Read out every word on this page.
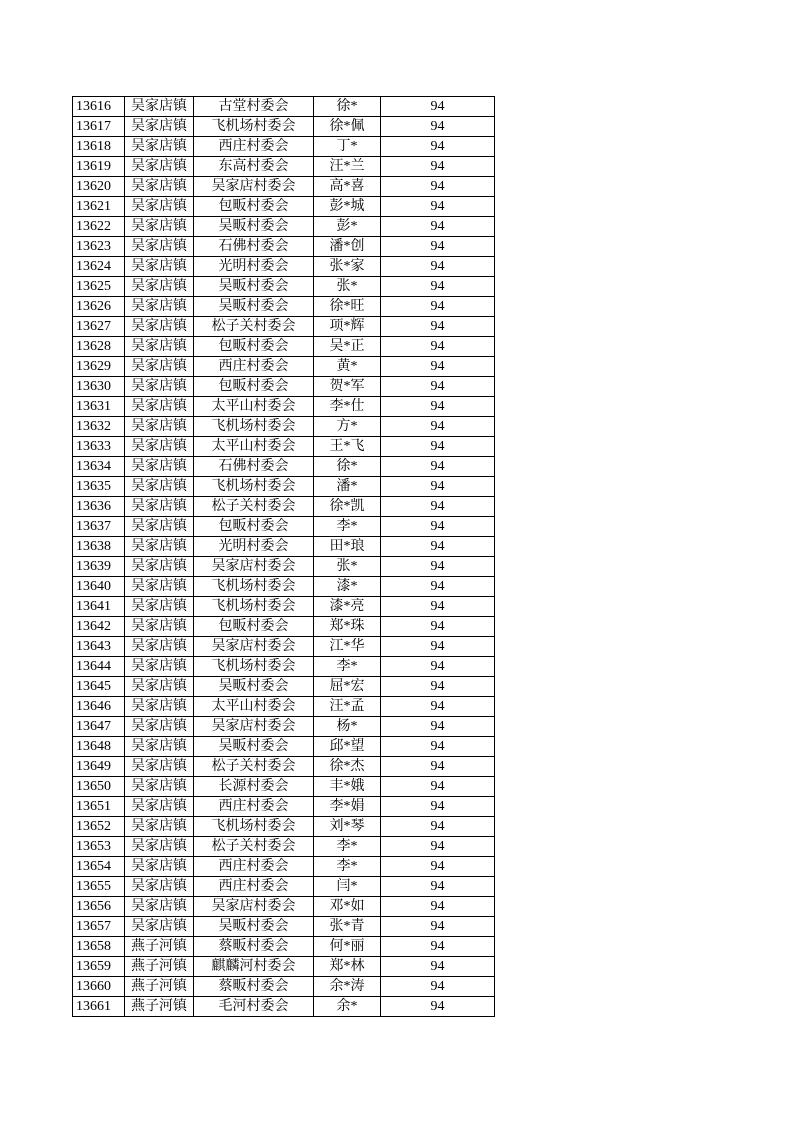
13616	吴家店镇	古堂村委会	徐*	94
13617	吴家店镇	飞机场村委会	徐*佩	94
13618	吴家店镇	西庄村委会	丁*	94
13619	吴家店镇	东高村委会	汪*兰	94
13620	吴家店镇	吴家店村委会	高*喜	94
13621	吴家店镇	包畈村委会	彭*城	94
13622	吴家店镇	吴畈村委会	彭*	94
13623	吴家店镇	石佛村委会	潘*创	94
13624	吴家店镇	光明村委会	张*家	94
13625	吴家店镇	吴畈村委会	张*	94
13626	吴家店镇	吴畈村委会	徐*旺	94
13627	吴家店镇	松子关村委会	项*辉	94
13628	吴家店镇	包畈村委会	吴*正	94
13629	吴家店镇	西庄村委会	黄*	94
13630	吴家店镇	包畈村委会	贺*军	94
13631	吴家店镇	太平山村委会	李*仕	94
13632	吴家店镇	飞机场村委会	方*	94
13633	吴家店镇	太平山村委会	王*飞	94
13634	吴家店镇	石佛村委会	徐*	94
13635	吴家店镇	飞机场村委会	潘*	94
13636	吴家店镇	松子关村委会	徐*凯	94
13637	吴家店镇	包畈村委会	李*	94
13638	吴家店镇	光明村委会	田*琅	94
13639	吴家店镇	吴家店村委会	张*	94
13640	吴家店镇	飞机场村委会	漆*	94
13641	吴家店镇	飞机场村委会	漆*亮	94
13642	吴家店镇	包畈村委会	郑*珠	94
13643	吴家店镇	吴家店村委会	江*华	94
13644	吴家店镇	飞机场村委会	李*	94
13645	吴家店镇	吴畈村委会	屈*宏	94
13646	吴家店镇	太平山村委会	汪*孟	94
13647	吴家店镇	吴家店村委会	杨*	94
13648	吴家店镇	吴畈村委会	邱*望	94
13649	吴家店镇	松子关村委会	徐*杰	94
13650	吴家店镇	长源村委会	丰*娥	94
13651	吴家店镇	西庄村委会	李*娟	94
13652	吴家店镇	飞机场村委会	刘*琴	94
13653	吴家店镇	松子关村委会	李*	94
13654	吴家店镇	西庄村委会	李*	94
13655	吴家店镇	西庄村委会	闫*	94
13656	吴家店镇	吴家店村委会	邓*如	94
13657	吴家店镇	吴畈村委会	张*青	94
13658	燕子河镇	蔡畈村委会	何*丽	94
13659	燕子河镇	麒麟河村委会	郑*林	94
13660	燕子河镇	蔡畈村委会	余*涛	94
13661	燕子河镇	毛河村委会	余*	94
